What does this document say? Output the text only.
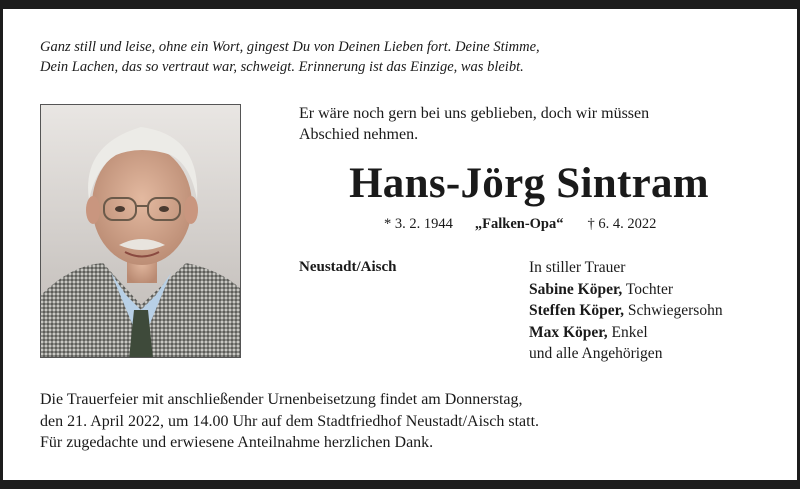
Ganz still und leise, ohne ein Wort, gingest Du von Deinen Lieben fort. Deine Stimme,
Dein Lachen, das so vertraut war, schweigt. Erinnerung ist das Einzige, was bleibt.
Er wäre noch gern bei uns geblieben, doch wir müssen
Abschied nehmen.
Hans-Jörg Sintram
* 3. 2. 1944 „Falken-Opa“ † 6. 4. 2022
Neustadt/Aisch	In stiller Trauer
Sabine Köper, Tochter
Steffen Köper, Schwiegersohn
Max Köper, Enkel
und alle Angehörigen
Die Trauerfeier mit anschließender Urnenbeisetzung findet am Donnerstag,
den 21. April 2022, um 14.00 Uhr auf dem Stadtfriedhof Neustadt/Aisch statt.
Für zugedachte und erwiesene Anteilnahme herzlichen Dank.
